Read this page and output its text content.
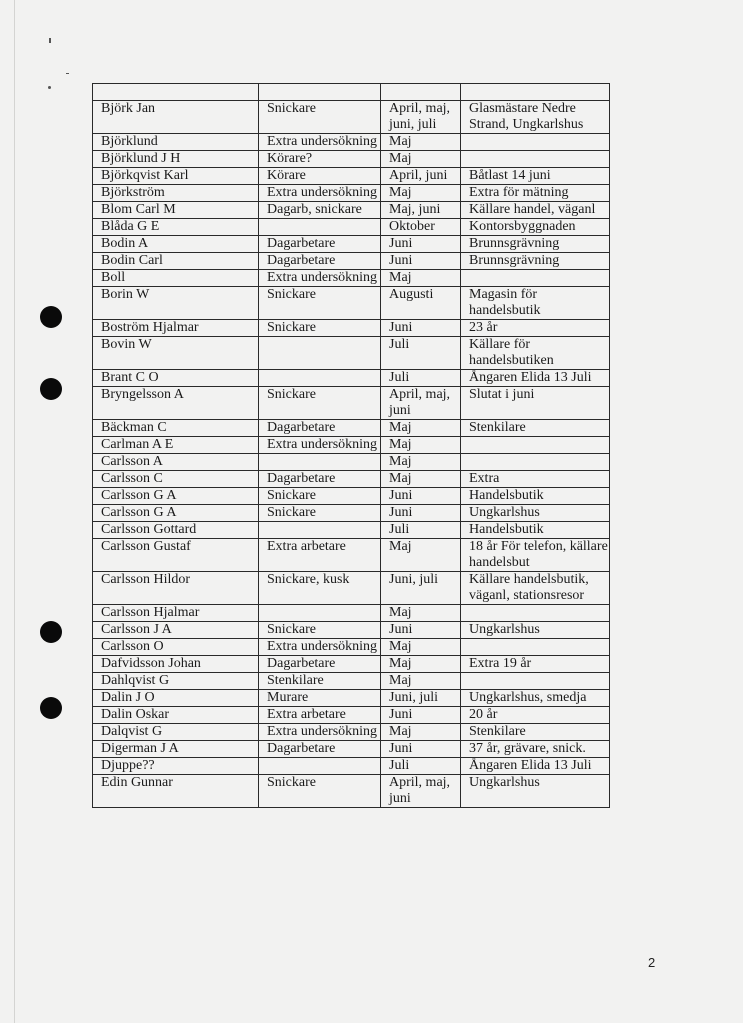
Björk Jan	Snickare	April, maj, juni, juli	Glasmästare Nedre Strand, Ungkarlshus
Björklund	Extra undersökning	Maj	
Björklund J H	Körare?	Maj	
Björkqvist Karl	Körare	April, juni	Båtlast 14 juni
Björkström	Extra undersökning	Maj	Extra för mätning
Blom Carl M	Dagarb, snickare	Maj, juni	Källare handel, väganl
Blåda G E		Oktober	Kontorsbyggnaden
Bodin A	Dagarbetare	Juni	Brunnsgrävning
Bodin Carl	Dagarbetare	Juni	Brunnsgrävning
Boll	Extra undersökning	Maj	
Borin W	Snickare	Augusti	Magasin för handelsbutik
Boström Hjalmar	Snickare	Juni	23 år
Bovin W		Juli	Källare för handelsbutiken
Brant C O		Juli	Ångaren Elida 13 Juli
Bryngelsson A	Snickare	April, maj, juni	Slutat i juni
Bäckman C	Dagarbetare	Maj	Stenkilare
Carlman A E	Extra undersökning	Maj	
Carlsson A		Maj	
Carlsson C	Dagarbetare	Maj	Extra
Carlsson G A	Snickare	Juni	Handelsbutik
Carlsson G A	Snickare	Juni	Ungkarlshus
Carlsson Gottard		Juli	Handelsbutik
Carlsson Gustaf	Extra arbetare	Maj	18 år För telefon, källare handelsbut
Carlsson Hildor	Snickare, kusk	Juni, juli	Källare handelsbutik, väganl, stationsresor
Carlsson Hjalmar		Maj	
Carlsson J A	Snickare	Juni	Ungkarlshus
Carlsson O	Extra undersökning	Maj	
Dafvidsson Johan	Dagarbetare	Maj	Extra 19 år
Dahlqvist G	Stenkilare	Maj	
Dalin J O	Murare	Juni, juli	Ungkarlshus, smedja
Dalin Oskar	Extra arbetare	Juni	20 år
Dalqvist G	Extra undersökning	Maj	Stenkilare
Digerman J A	Dagarbetare	Juni	37 år, grävare, snick.
Djuppe??		Juli	Ångaren Elida 13 Juli
Edin Gunnar	Snickare	April, maj, juni	Ungkarlshus
2
